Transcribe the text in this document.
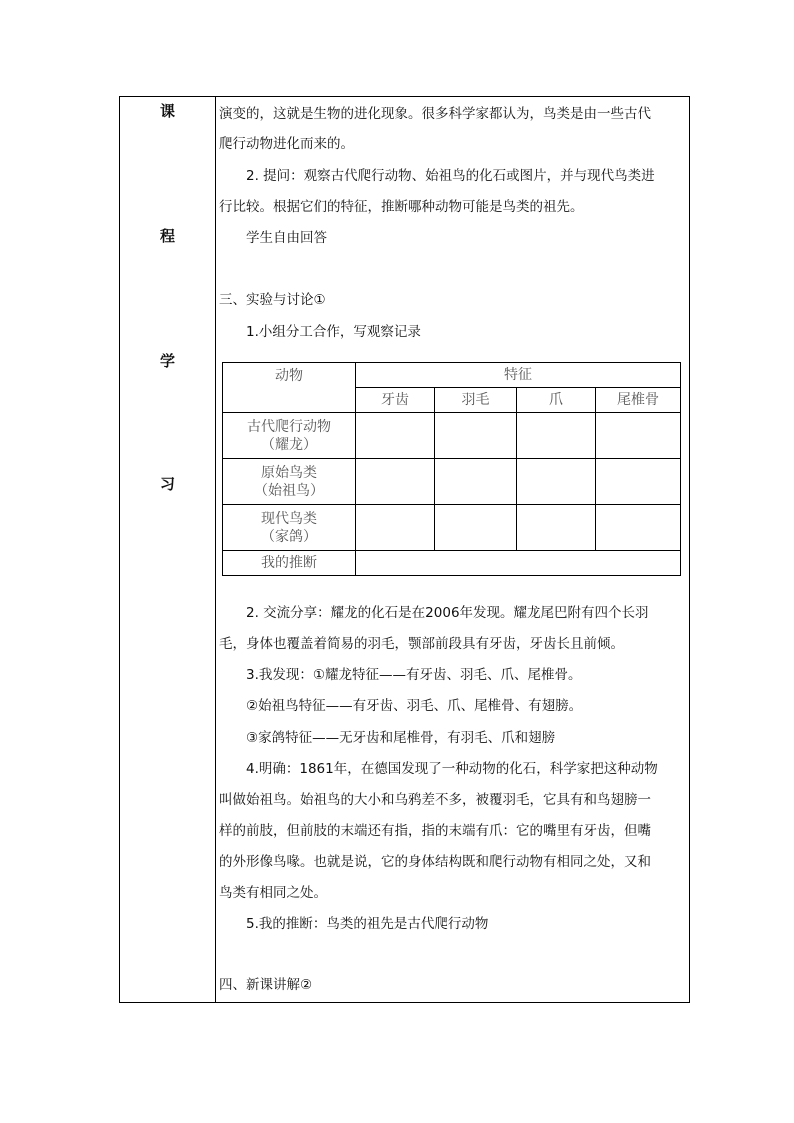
课
程
学
习
演变的，这就是生物的进化现象。很多科学家都认为，鸟类是由一些古代
爬行动物进化而来的。
2. 提问：观察古代爬行动物、始祖鸟的化石或图片，并与现代鸟类进
行比较。根据它们的特征，推断哪种动物可能是鸟类的祖先。
学生自由回答
三、实验与讨论①
1.小组分工合作，写观察记录
动物	特征			
	牙齿	羽毛	爪	尾椎骨

古代爬行动物
（耀龙）				

原始鸟类
（始祖鸟）				

现代鸟类
（家鸽）				

我的推断				
2. 交流分享：耀龙的化石是在2006年发现。耀龙尾巴附有四个长羽
毛，身体也覆盖着简易的羽毛，颚部前段具有牙齿，牙齿长且前倾。
3.我发现：①耀龙特征——有牙齿、羽毛、爪、尾椎骨。
②始祖鸟特征——有牙齿、羽毛、爪、尾椎骨、有翅膀。
③家鸽特征——无牙齿和尾椎骨，有羽毛、爪和翅膀
4.明确：1861年，在德国发现了一种动物的化石，科学家把这种动物
叫做始祖鸟。始祖鸟的大小和乌鸦差不多，被覆羽毛，它具有和鸟翅膀一
样的前肢，但前肢的末端还有指，指的末端有爪：它的嘴里有牙齿，但嘴
的外形像鸟喙。也就是说，它的身体结构既和爬行动物有相同之处，又和
鸟类有相同之处。
5.我的推断：鸟类的祖先是古代爬行动物
四、新课讲解②
